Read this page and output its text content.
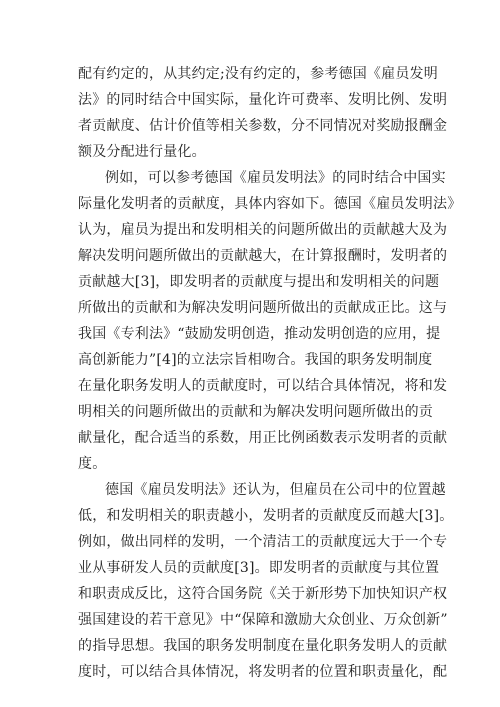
配有约定的，从其约定;没有约定的，参考德国《雇员发明
法》的同时结合中国实际，量化许可费率、发明比例、发明
者贡献度、估计价值等相关参数，分不同情况对奖励报酬金
额及分配进行量化。
例如，可以参考德国《雇员发明法》的同时结合中国实
际量化发明者的贡献度，具体内容如下。德国《雇员发明法》
认为，雇员为提出和发明相关的问题所做出的贡献越大及为
解决发明问题所做出的贡献越大，在计算报酬时，发明者的
贡献越大[3]，即发明者的贡献度与提出和发明相关的问题
所做出的贡献和为解决发明问题所做出的贡献成正比。这与
我国《专利法》“鼓励发明创造，推动发明创造的应用，提
高创新能力”[4]的立法宗旨相吻合。我国的职务发明制度
在量化职务发明人的贡献度时，可以结合具体情况，将和发
明相关的问题所做出的贡献和为解决发明问题所做出的贡
献量化，配合适当的系数，用正比例函数表示发明者的贡献
度。
德国《雇员发明法》还认为，但雇员在公司中的位置越
低，和发明相关的职责越小，发明者的贡献度反而越大[3]。
例如，做出同样的发明，一个清洁工的贡献度远大于一个专
业从事研发人员的贡献度[3]。即发明者的贡献度与其位置
和职责成反比，这符合国务院《关于新形势下加快知识产权
强国建设的若干意见》中“保障和激励大众创业、万众创新”
的指导思想。我国的职务发明制度在量化职务发明人的贡献
度时，可以结合具体情况，将发明者的位置和职责量化，配
